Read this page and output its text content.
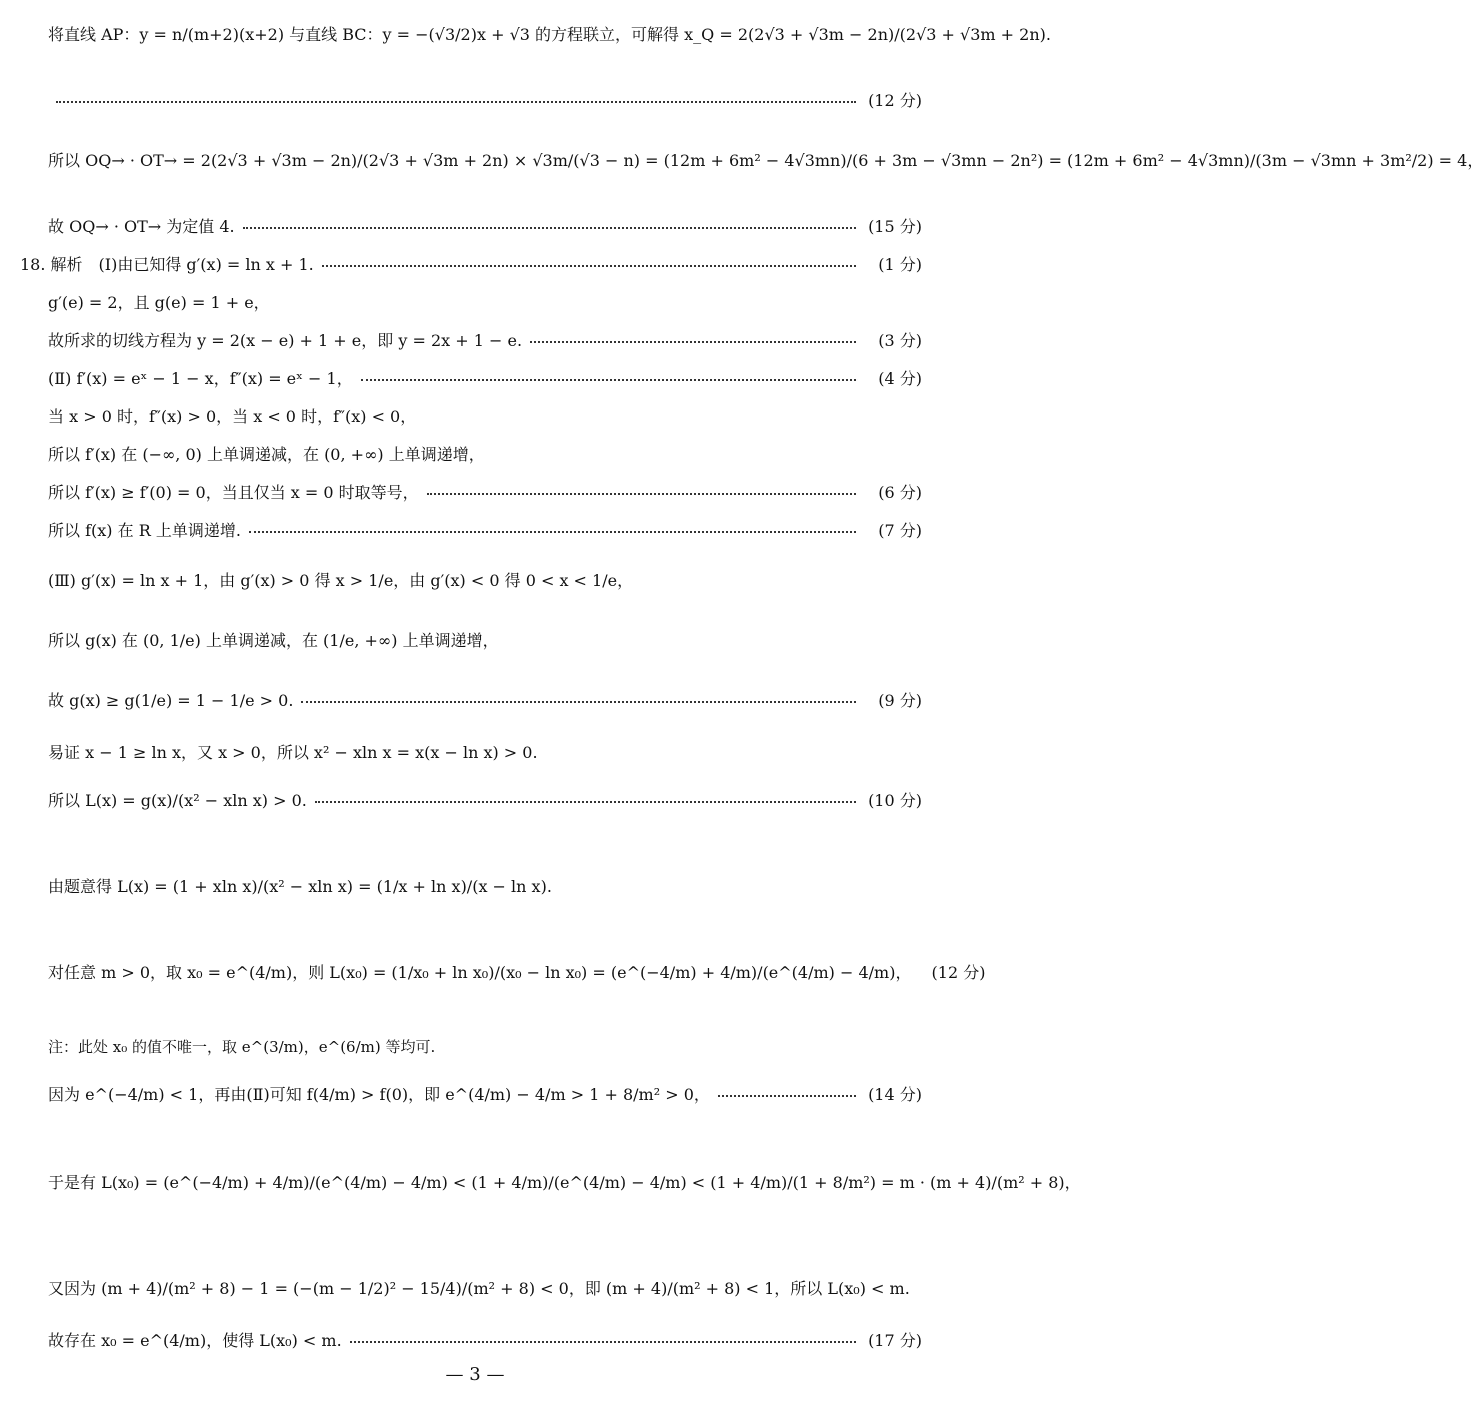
将直线 AP：y = n/(m+2)(x+2) 与直线 BC：y = −(√3/2)x + √3 的方程联立，可解得 x_Q = 2(2√3 + √3m − 2n)/(2√3 + √3m + 2n).
(12 分)
所以 OQ→ · OT→ = 2(2√3 + √3m − 2n)/(2√3 + √3m + 2n) × √3m/(√3 − n) = (12m + 6m² − 4√3mn)/(6 + 3m − √3mn − 2n²) = (12m + 6m² − 4√3mn)/(3m − √3mn + 3m²/2) = 4，
故 OQ→ · OT→ 为定值 4.	(15 分)
18. 解析　(Ⅰ)由已知得 g′(x) = ln x + 1.	(1 分)
g′(e) = 2，且 g(e) = 1 + e，
故所求的切线方程为 y = 2(x − e) + 1 + e，即 y = 2x + 1 − e.	(3 分)
(Ⅱ) f′(x) = eˣ − 1 − x，f″(x) = eˣ − 1，	(4 分)
当 x > 0 时，f″(x) > 0，当 x < 0 时，f″(x) < 0，
所以 f′(x) 在 (−∞, 0) 上单调递减，在 (0, +∞) 上单调递增，
所以 f′(x) ≥ f′(0) = 0，当且仅当 x = 0 时取等号，	(6 分)
所以 f(x) 在 R 上单调递增.	(7 分)
(Ⅲ) g′(x) = ln x + 1，由 g′(x) > 0 得 x > 1/e，由 g′(x) < 0 得 0 < x < 1/e，
所以 g(x) 在 (0, 1/e) 上单调递减，在 (1/e, +∞) 上单调递增，
故 g(x) ≥ g(1/e) = 1 − 1/e > 0.	(9 分)
易证 x − 1 ≥ ln x，又 x > 0，所以 x² − xln x = x(x − ln x) > 0.
所以 L(x) = g(x)/(x² − xln x) > 0.	(10 分)
由题意得 L(x) = (1 + xln x)/(x² − xln x) = (1/x + ln x)/(x − ln x).
对任意 m > 0，取 x₀ = e^(4/m)，则 L(x₀) = (1/x₀ + ln x₀)/(x₀ − ln x₀) = (e^(−4/m) + 4/m)/(e^(4/m) − 4/m)， (12 分)
注：此处 x₀ 的值不唯一，取 e^(3/m)，e^(6/m) 等均可.
因为 e^(−4/m) < 1，再由(Ⅱ)可知 f(4/m) > f(0)，即 e^(4/m) − 4/m > 1 + 8/m² > 0，	(14 分)
于是有 L(x₀) = (e^(−4/m) + 4/m)/(e^(4/m) − 4/m) < (1 + 4/m)/(e^(4/m) − 4/m) < (1 + 4/m)/(1 + 8/m²) = m · (m + 4)/(m² + 8)，
又因为 (m + 4)/(m² + 8) − 1 = (−(m − 1/2)² − 15/4)/(m² + 8) < 0，即 (m + 4)/(m² + 8) < 1，所以 L(x₀) < m.
故存在 x₀ = e^(4/m)，使得 L(x₀) < m.	(17 分)
— 3 —
